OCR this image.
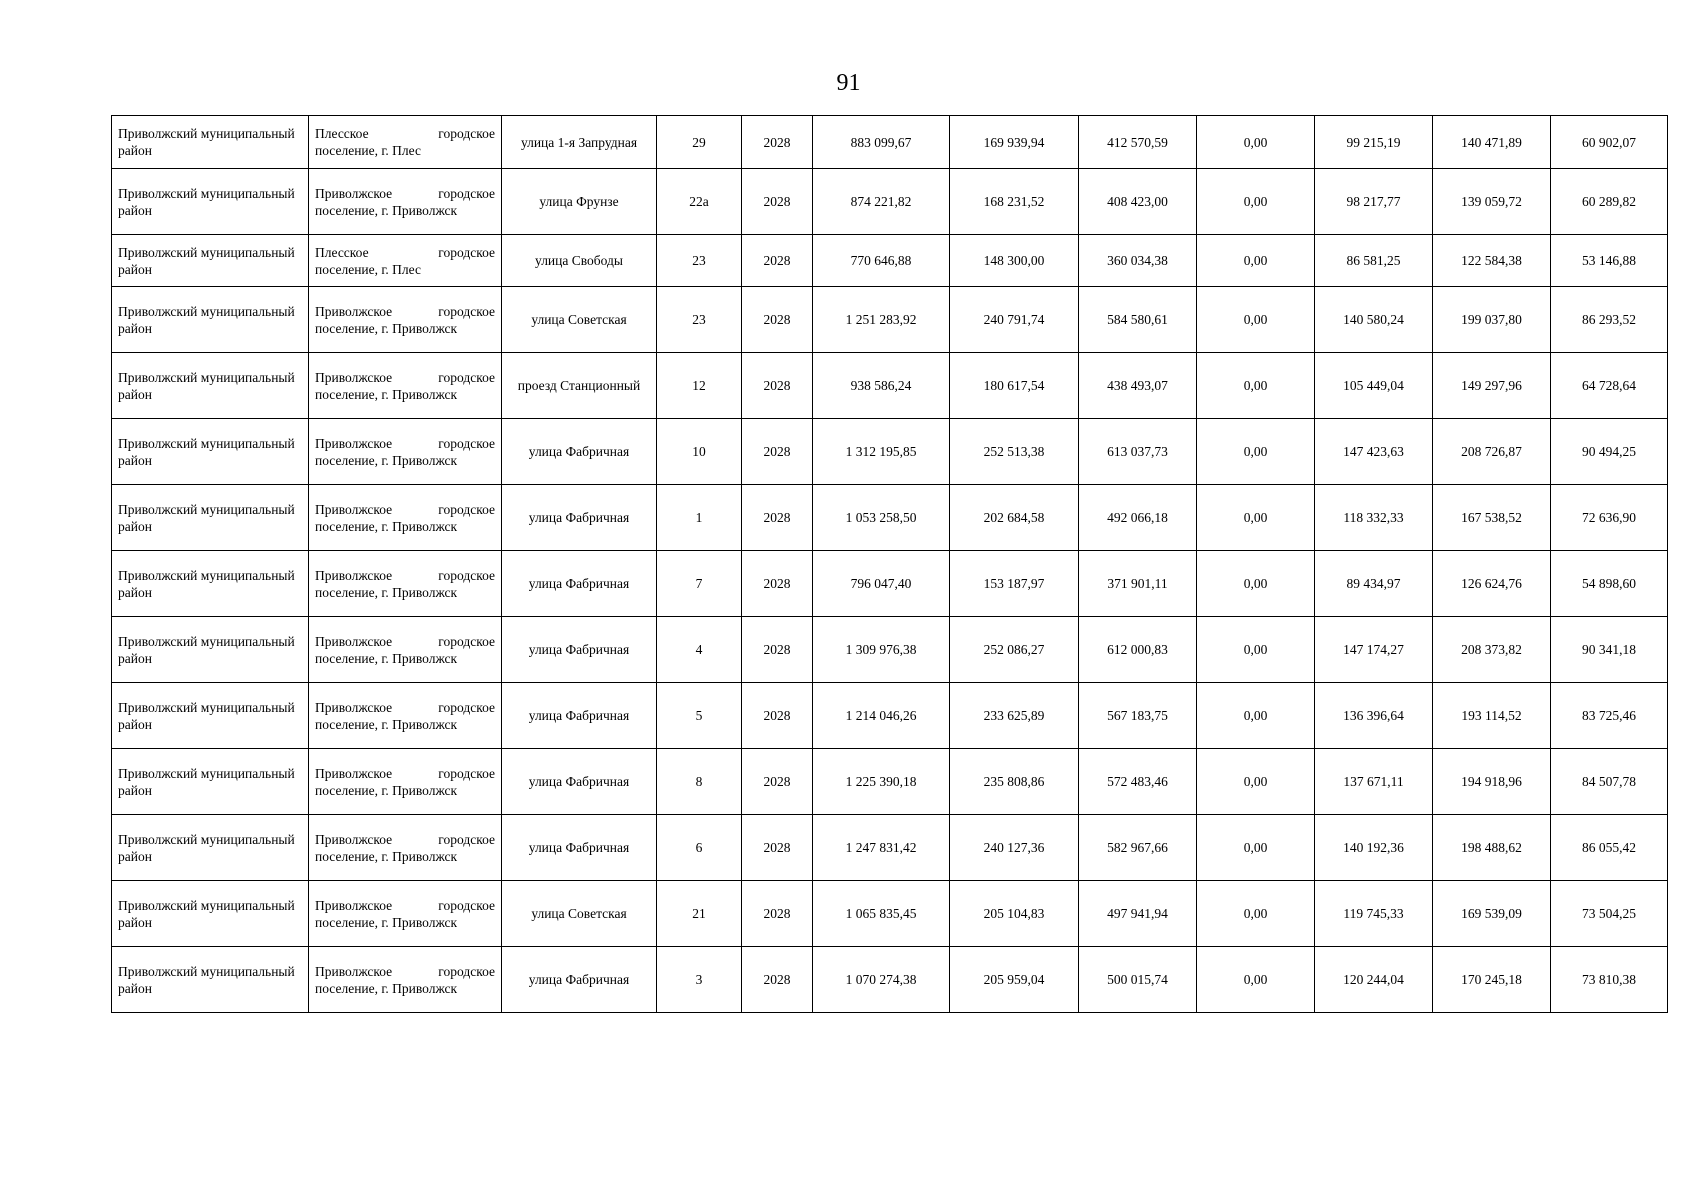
91
Приволжский муниципальный район	Плесское городское
поселение, г. Плес	улица 1-я Запрудная	29	2028	883 099,67	169 939,94	412 570,59	0,00	99 215,19	140 471,89	60 902,07
Приволжский муниципальный район	Приволжское городское
поселение, г. Приволжск	улица Фрунзе	22а	2028	874 221,82	168 231,52	408 423,00	0,00	98 217,77	139 059,72	60 289,82
Приволжский муниципальный район	Плесское городское
поселение, г. Плес	улица Свободы	23	2028	770 646,88	148 300,00	360 034,38	0,00	86 581,25	122 584,38	53 146,88
Приволжский муниципальный район	Приволжское городское
поселение, г. Приволжск	улица Советская	23	2028	1 251 283,92	240 791,74	584 580,61	0,00	140 580,24	199 037,80	86 293,52
Приволжский муниципальный район	Приволжское городское
поселение, г. Приволжск	проезд Станционный	12	2028	938 586,24	180 617,54	438 493,07	0,00	105 449,04	149 297,96	64 728,64
Приволжский муниципальный район	Приволжское городское
поселение, г. Приволжск	улица Фабричная	10	2028	1 312 195,85	252 513,38	613 037,73	0,00	147 423,63	208 726,87	90 494,25
Приволжский муниципальный район	Приволжское городское
поселение, г. Приволжск	улица Фабричная	1	2028	1 053 258,50	202 684,58	492 066,18	0,00	118 332,33	167 538,52	72 636,90
Приволжский муниципальный район	Приволжское городское
поселение, г. Приволжск	улица Фабричная	7	2028	796 047,40	153 187,97	371 901,11	0,00	89 434,97	126 624,76	54 898,60
Приволжский муниципальный район	Приволжское городское
поселение, г. Приволжск	улица Фабричная	4	2028	1 309 976,38	252 086,27	612 000,83	0,00	147 174,27	208 373,82	90 341,18
Приволжский муниципальный район	Приволжское городское
поселение, г. Приволжск	улица Фабричная	5	2028	1 214 046,26	233 625,89	567 183,75	0,00	136 396,64	193 114,52	83 725,46
Приволжский муниципальный район	Приволжское городское
поселение, г. Приволжск	улица Фабричная	8	2028	1 225 390,18	235 808,86	572 483,46	0,00	137 671,11	194 918,96	84 507,78
Приволжский муниципальный район	Приволжское городское
поселение, г. Приволжск	улица Фабричная	6	2028	1 247 831,42	240 127,36	582 967,66	0,00	140 192,36	198 488,62	86 055,42
Приволжский муниципальный район	Приволжское городское
поселение, г. Приволжск	улица Советская	21	2028	1 065 835,45	205 104,83	497 941,94	0,00	119 745,33	169 539,09	73 504,25
Приволжский муниципальный район	Приволжское городское
поселение, г. Приволжск	улица Фабричная	3	2028	1 070 274,38	205 959,04	500 015,74	0,00	120 244,04	170 245,18	73 810,38
